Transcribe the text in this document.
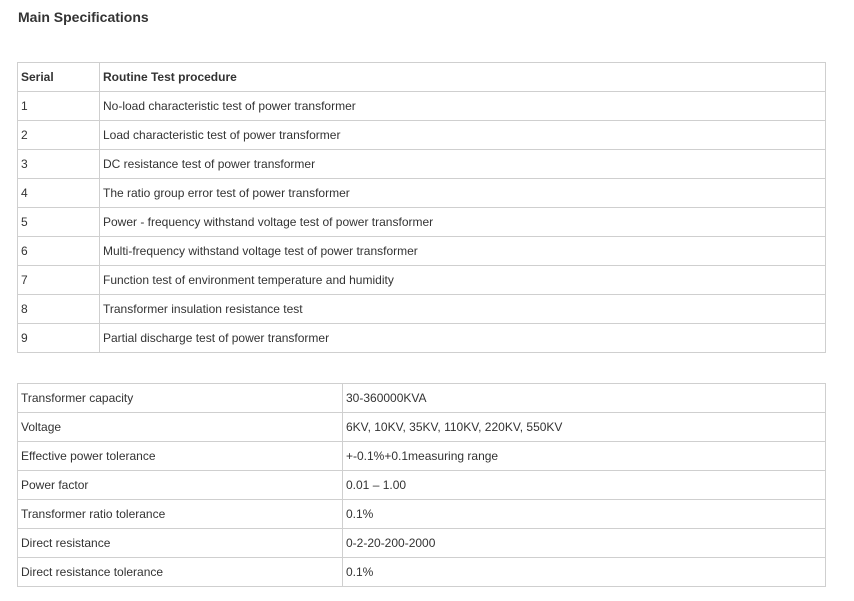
Main Specifications
Serial	Routine Test procedure
1	No-load characteristic test of power transformer
2	Load characteristic test of power transformer
3	DC resistance test of power transformer
4	The ratio group error test of power transformer
5	Power - frequency withstand voltage test of power transformer
6	Multi-frequency withstand voltage test of power transformer
7	Function test of environment temperature and humidity
8	Transformer insulation resistance test
9	Partial discharge test of power transformer
Transformer capacity	30-360000KVA
Voltage	6KV, 10KV, 35KV, 110KV, 220KV, 550KV
Effective power tolerance	+-0.1%+0.1measuring range
Power factor	0.01 – 1.00
Transformer ratio tolerance	0.1%
Direct resistance	0-2-20-200-2000
Direct resistance tolerance	0.1%
